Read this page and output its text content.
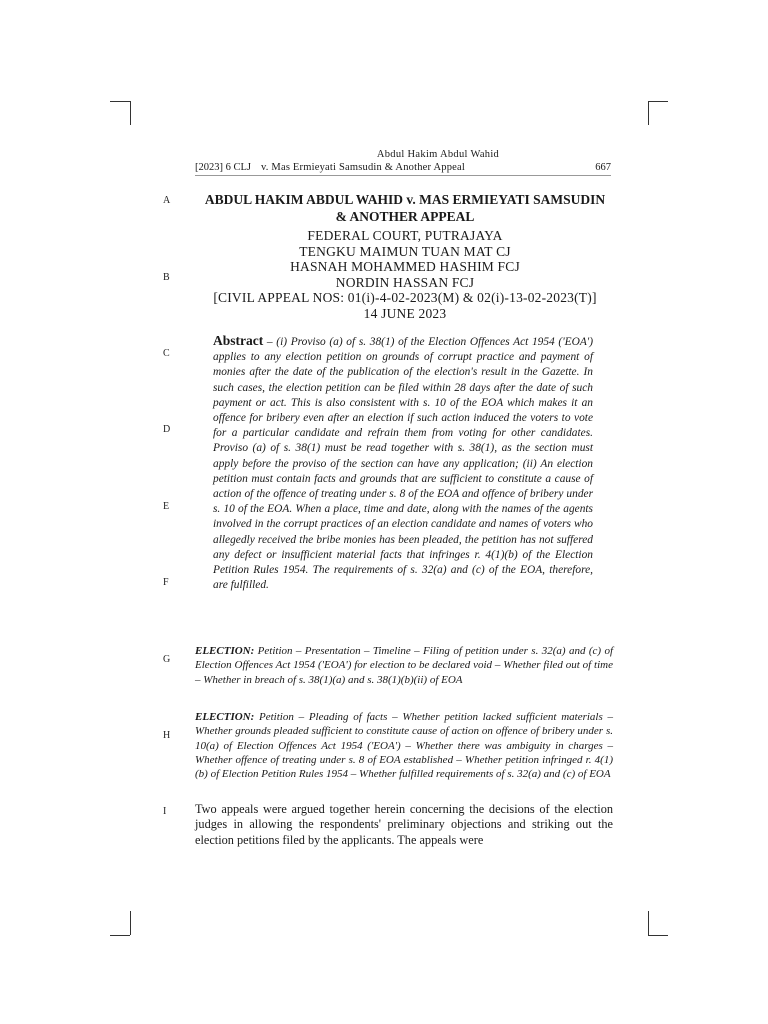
A
B
C
D
E
F
G
H
I
Abdul Hakim Abdul Wahid
[2023] 6 CLJ v. Mas Ermieyati Samsudin & Another Appeal	667
ABDUL HAKIM ABDUL WAHID v. MAS ERMIEYATI SAMSUDIN
& ANOTHER APPEAL
FEDERAL COURT, PUTRAJAYA
TENGKU MAIMUN TUAN MAT CJ
HASNAH MOHAMMED HASHIM FCJ
NORDIN HASSAN FCJ
[CIVIL APPEAL NOS: 01(i)-4-02-2023(M) & 02(i)-13-02-2023(T)]
14 JUNE 2023
Abstract – (i) Proviso (a) of s. 38(1) of the Election Offences Act 1954 ('EOA') applies to any election petition on grounds of corrupt practice and payment of monies after the date of the publication of the election's result in the Gazette. In such cases, the election petition can be filed within 28 days after the date of such payment or act. This is also consistent with s. 10 of the EOA which makes it an offence for bribery even after an election if such action induced the voters to vote for a particular candidate and refrain them from voting for other candidates. Proviso (a) of s. 38(1) must be read together with s. 38(1), as the section must apply before the proviso of the section can have any application; (ii) An election petition must contain facts and grounds that are sufficient to constitute a cause of action of the offence of treating under s. 8 of the EOA and offence of bribery under s. 10 of the EOA. When a place, time and date, along with the names of the agents involved in the corrupt practices of an election candidate and names of voters who allegedly received the bribe monies has been pleaded, the petition has not suffered any defect or insufficient material facts that infringes r. 4(1)(b) of the Election Petition Rules 1954. The requirements of s. 32(a) and (c) of the EOA, therefore, are fulfilled.
ELECTION: Petition – Presentation – Timeline – Filing of petition under s. 32(a) and (c) of Election Offences Act 1954 ('EOA') for election to be declared void – Whether filed out of time – Whether in breach of s. 38(1)(a) and s. 38(1)(b)(ii) of EOA
ELECTION: Petition – Pleading of facts – Whether petition lacked sufficient materials – Whether grounds pleaded sufficient to constitute cause of action on offence of bribery under s. 10(a) of Election Offences Act 1954 ('EOA') – Whether there was ambiguity in charges – Whether offence of treating under s. 8 of EOA established – Whether petition infringed r. 4(1)(b) of Election Petition Rules 1954 – Whether fulfilled requirements of s. 32(a) and (c) of EOA
Two appeals were argued together herein concerning the decisions of the election judges in allowing the respondents' preliminary objections and striking out the election petitions filed by the applicants. The appeals were
